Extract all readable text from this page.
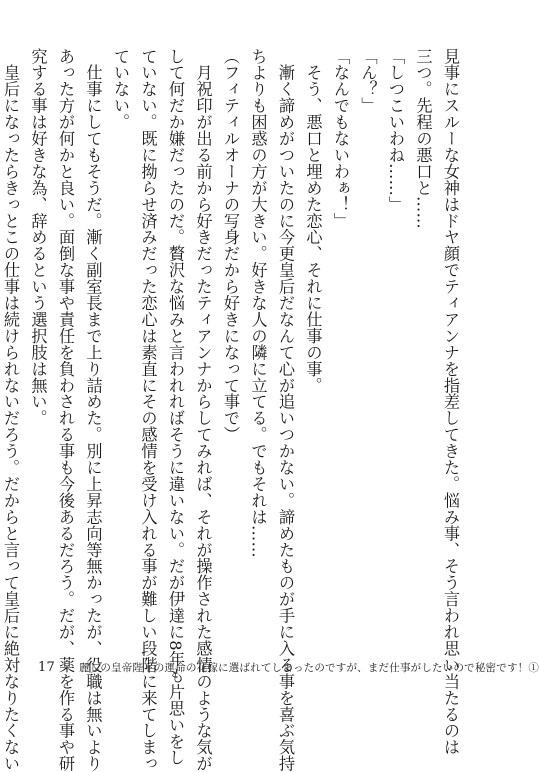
見事にスルーな女神はドヤ顔でティアンナを指差してきた。悩み事、そう言われ思い当たるのは
三つ。先程の悪口と……
「しつこいわね……」
「ん？」
「なんでもないわぁ！」
　そう、悪口と埋めた恋心、それに仕事の事。
　漸く諦めがついたのに今更皇后だなんて心が追いつかない。諦めたものが手に入る事を喜ぶ気持
ちよりも困惑の方が大きい。好きな人の隣に立てる。でもそれは……
（フィティルオーナの写身だから好きになって事で）
　月祝印が出る前から好きだったティアンナからしてみれば、それが操作された感情のような気が
して何だか嫌だったのだ。贅沢な悩みと言われればそうに違いない。だが伊達に8年も片思いをし
ていない。既に拗らせ済みだった恋心は素直にその感情を受け入れる事が難しい段階に来てしまっ
ていない。
　仕事にしてもそうだ。漸く副室長まで上り詰めた。別に上昇志向等無かったが、役職は無いより
あった方が何かと良い。面倒な事や責任を負わされる事も今後あるだろう。だが、薬を作る事や研
究する事は好きな為、辞めるという選択肢は無い。
　皇后になったらきっとこの仕事は続けられないだろう。だからと言って皇后に絶対なりたくない	17 麗しの皇帝陛下の運命の花嫁に選ばれてしまったのですが、まだ仕事がしたいので秘密です！①
